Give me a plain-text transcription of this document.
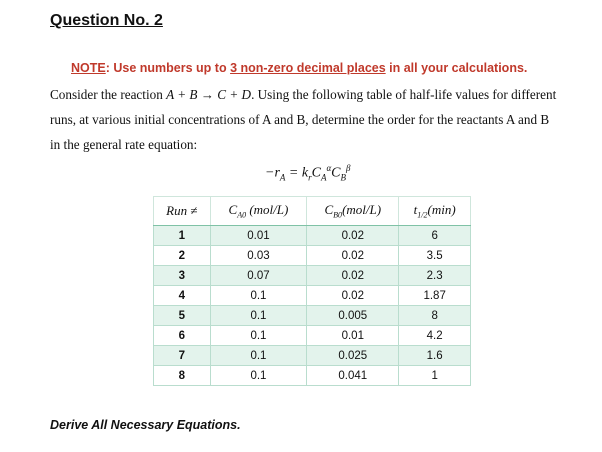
Question No. 2
NOTE: Use numbers up to 3 non-zero decimal places in all your calculations.
Consider the reaction A + B → C + D. Using the following table of half-life values for different runs, at various initial concentrations of A and B, determine the order for the reactants A and B in the general rate equation:
$-r_A = k_rC_A^\alpha C_B^\beta$
Run ≠	$C_{A0}$ (mol/L)	$C_{B0}(mol/L)$	$t_{1/2}(\min)$
1	0.01	0.02	6
2	0.03	0.02	3.5
3	0.07	0.02	2.3
4	0.1	0.02	1.87
5	0.1	0.005	8
6	0.1	0.01	4.2
7	0.1	0.025	1.6
8	0.1	0.041	1
Derive All Necessary Equations.
